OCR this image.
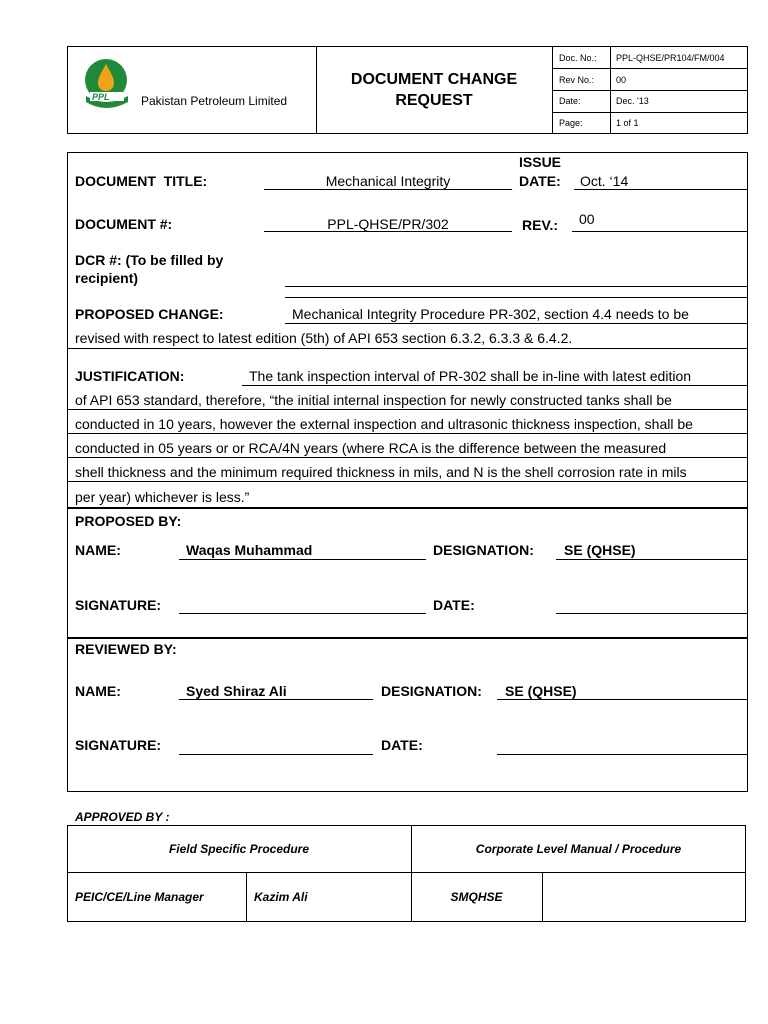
PPL	Pakistan Petroleum Limited
DOCUMENT CHANGE
REQUEST
Doc. No.: PPL-QHSE/PR104/FM/004
Rev No.: 00
Date:	Dec. '13
Page:	1 of 1
DOCUMENT  TITLE:	Mechanical Integrity
ISSUE
DATE: Oct. ‘14
DOCUMENT #:	PPL-QHSE/PR/302	REV.: 00
DCR #: (To be filled by
recipient)
PROPOSED CHANGE:	Mechanical Integrity Procedure PR-302, section 4.4 needs to be
revised with respect to latest edition (5th) of API 653 section 6.3.2, 6.3.3 & 6.4.2.
JUSTIFICATION:	The tank inspection interval of PR-302 shall be in-line with latest edition
of API 653 standard, therefore, “the initial internal inspection for newly constructed tanks shall be
conducted in 10 years, however the external inspection and ultrasonic thickness inspection, shall be
conducted in 05 years or or RCA/4N years (where RCA is the difference between the measured
shell thickness and the minimum required thickness in mils, and N is the shell corrosion rate in mils
per year) whichever is less.”
PROPOSED BY:
NAME:	Waqas Muhammad	DESIGNATION: SE (QHSE)
SIGNATURE:	DATE:
REVIEWED BY:
NAME:	Syed Shiraz Ali	DESIGNATION: SE (QHSE)
SIGNATURE:	DATE:
APPROVED BY :
Field Specific Procedure	Corporate Level Manual / Procedure
PEIC/CE/Line Manager	Kazim Ali	SMQHSE
